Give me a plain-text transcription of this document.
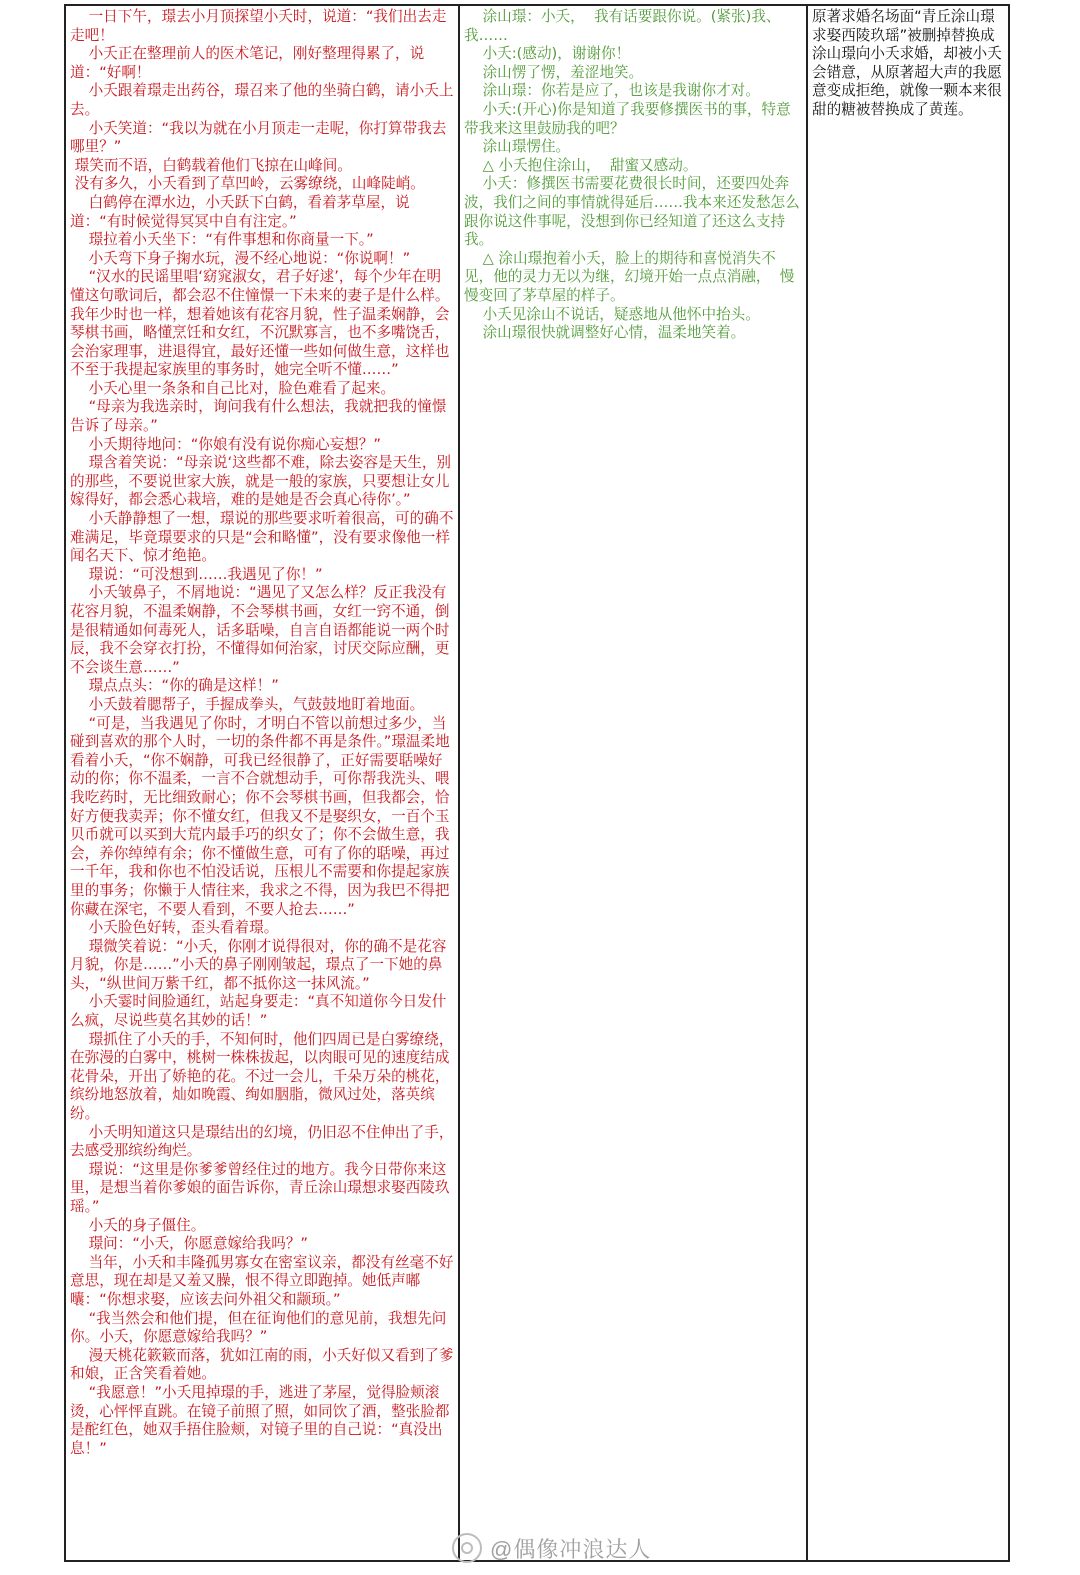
一日下午，璟去小月顶探望小夭时，说道：“我们出去走走吧！

小夭正在整理前人的医术笔记，刚好整理得累了，说道：“好啊！

小夭跟着璟走出药谷，璟召来了他的坐骑白鹤，请小夭上去。

小夭笑道：“我以为就在小月顶走一走呢，你打算带我去哪里？”

璟笑而不语，白鹤载着他们飞掠在山峰间。

没有多久，小夭看到了草凹岭，云雾缭绕，山峰陡峭。

白鹤停在潭水边，小夭跃下白鹤，看着茅草屋，说道：“有时候觉得冥冥中自有注定。”

璟拉着小夭坐下：“有件事想和你商量一下。”

小夭弯下身子掬水玩，漫不经心地说：“你说啊！”

“汉水的民谣里唱‘窈窕淑女，君子好逑’，每个少年在明懂这句歌词后，都会忍不住憧憬一下未来的妻子是什么样。我年少时也一样，想着她该有花容月貌，性子温柔娴静，会琴棋书画，略懂烹饪和女红，不沉默寡言，也不多嘴饶舌，会治家理事，进退得宜，最好还懂一些如何做生意，这样也不至于我提起家族里的事务时，她完全听不懂……”

小夭心里一条条和自己比对，脸色难看了起来。

“母亲为我选亲时，询问我有什么想法，我就把我的憧憬告诉了母亲。”

小夭期待地问：“你娘有没有说你痴心妄想？”

璟含着笑说：“母亲说‘这些都不难，除去姿容是天生，别的那些，不要说世家大族，就是一般的家族，只要想让女儿嫁得好，都会悉心栽培，难的是她是否会真心待你’。”

小夭静静想了一想，璟说的那些要求听着很高，可的确不难满足，毕竟璟要求的只是“会和略懂”，没有要求像他一样闻名天下、惊才绝艳。

璟说：“可没想到……我遇见了你！”

小夭皱鼻子，不屑地说：“遇见了又怎么样？反正我没有花容月貌，不温柔娴静，不会琴棋书画，女红一窍不通，倒是很精通如何毒死人，话多聒噪，自言自语都能说一两个时辰，我不会穿衣打扮，不懂得如何治家，讨厌交际应酬，更不会谈生意……”

璟点点头：“你的确是这样！”

小夭鼓着腮帮子，手握成拳头，气鼓鼓地盯着地面。

“可是，当我遇见了你时，才明白不管以前想过多少，当碰到喜欢的那个人时，一切的条件都不再是条件。”璟温柔地看着小夭，“你不娴静，可我已经很静了，正好需要聒噪好动的你；你不温柔，一言不合就想动手，可你帮我洗头、喂我吃药时，无比细致耐心；你不会琴棋书画，但我都会，恰好方便我卖弄；你不懂女红，但我又不是娶织女，一百个玉贝币就可以买到大荒内最手巧的织女了；你不会做生意，我会，养你绰绰有余；你不懂做生意，可有了你的聒噪，再过一千年，我和你也不怕没话说，压根儿不需要和你提起家族里的事务；你懒于人情往来，我求之不得，因为我巴不得把你藏在深宅，不要人看到，不要人抢去……”

小夭脸色好转，歪头看着璟。

璟微笑着说：“小夭，你刚才说得很对，你的确不是花容月貌，你是……”小夭的鼻子刚刚皱起，璟点了一下她的鼻头，“纵世间万紫千红，都不抵你这一抹风流。”

小夭霎时间脸通红，站起身要走：“真不知道你今日发什么疯，尽说些莫名其妙的话！”

璟抓住了小夭的手，不知何时，他们四周已是白雾缭绕，在弥漫的白雾中，桃树一株株拔起，以肉眼可见的速度结成花骨朵，开出了娇艳的花。不过一会儿，千朵万朵的桃花，缤纷地怒放着，灿如晚霞、绚如胭脂，微风过处，落英缤纷。

小夭明知道这只是璟结出的幻境，仍旧忍不住伸出了手，去感受那缤纷绚烂。

璟说：“这里是你爹爹曾经住过的地方。我今日带你来这里，是想当着你爹娘的面告诉你，青丘涂山璟想求娶西陵玖瑶。”

小夭的身子僵住。

璟问：“小夭，你愿意嫁给我吗？”

当年，小夭和丰隆孤男寡女在密室议亲，都没有丝毫不好意思，现在却是又羞又臊，恨不得立即跑掉。她低声嘟囔：“你想求娶，应该去问外祖父和颛顼。”

“我当然会和他们提，但在征询他们的意见前，我想先问你。小夭，你愿意嫁给我吗？”

漫天桃花簌簌而落，犹如江南的雨，小夭好似又看到了爹和娘，正含笑看着她。

“我愿意！”小夭甩掉璟的手，逃进了茅屋，觉得脸颊滚烫，心怦怦直跳。在镜子前照了照，如同饮了酒，整张脸都是酡红色，她双手捂住脸颊，对镜子里的自己说：“真没出息！”

涂山璟：小夭，  我有话要跟你说。(紧张)我、我……

小夭:(感动)，谢谢你！

涂山愣了愣，羞涩地笑。

涂山璟：你若是应了，也该是我谢你才对。

小夭:(开心)你是知道了我要修撰医书的事，特意带我来这里鼓励我的吧？

涂山璟愣住。

△ 小夭抱住涂山，  甜蜜又感动。

小夭：修撰医书需要花费很长时间，还要四处奔波，我们之间的事情就得延后……我本来还发愁怎么跟你说这件事呢，没想到你已经知道了还这么支持我。

△ 涂山璟抱着小夭，脸上的期待和喜悦消失不见，他的灵力无以为继，幻境开始一点点消融，  慢慢变回了茅草屋的样子。

小夭见涂山不说话，疑惑地从他怀中抬头。

涂山璟很快就调整好心情，温柔地笑着。

原著求婚名场面“青丘涂山璟求娶西陵玖瑶”被删掉替换成涂山璟向小夭求婚，却被小夭会错意，从原著超大声的我愿意变成拒绝，就像一颗本来很甜的糖被替换成了黄莲。

@偶像冲浪达人
